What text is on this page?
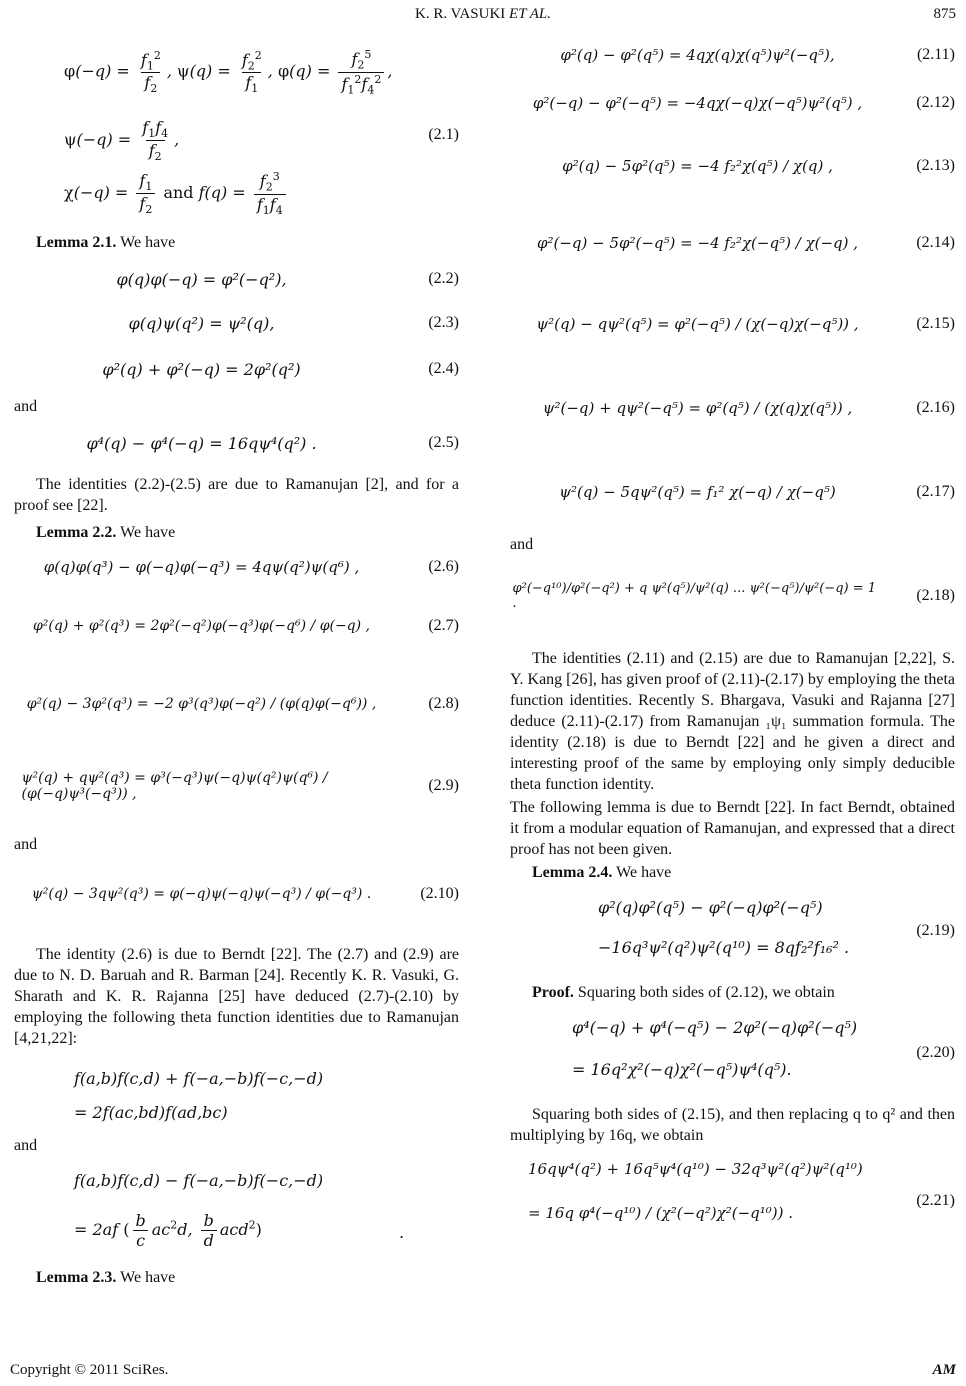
K. R. VASUKI ET AL.	875
$\varphi(-q) = \frac{f_1^2}{f_2}$ , $\psi(q) = \frac{f_2^2}{f_1}$ , $\varphi(q) = \frac{f_2^5}{f_1^2f_4^2}$ ,
$\psi(-q) = \frac{f_1f_4}{f_2}$ ,
$\chi(-q) = \frac{f_1}{f_2}$ and $f(q) = \frac{f_2^3}{f_1f_4}$
(2.1)
Lemma 2.1. We have
φ(q)φ(−q) = φ²(−q²),	(2.2)
φ(q)ψ(q²) = ψ²(q),	(2.3)
φ²(q) + φ²(−q) = 2φ²(q²)	(2.4)
and
φ⁴(q) − φ⁴(−q) = 16qψ⁴(q²) .	(2.5)
The identities (2.2)-(2.5) are due to Ramanujan [2], and for a proof see [22].
Lemma 2.2. We have
φ(q)φ(q³) − φ(−q)φ(−q³) = 4qψ(q²)ψ(q⁶) ,	(2.6)
φ²(q) + φ²(q³) = 2φ²(−q²)φ(−q³)φ(−q⁶) / φ(−q) ,	(2.7)
φ²(q) − 3φ²(q³) = −2 φ³(q³)φ(−q²) / (φ(q)φ(−q⁶)) ,	(2.8)
ψ²(q) + qψ²(q³) = φ³(−q³)ψ(−q)ψ(q²)ψ(q⁶) / (φ(−q)ψ³(−q³)) ,	(2.9)
and
ψ²(q) − 3qψ²(q³) = φ(−q)ψ(−q)ψ(−q³) / φ(−q³) .	(2.10)
The identity (2.6) is due to Berndt [22]. The (2.7) and (2.9) are due to N. D. Baruah and R. Barman [24]. Recently K. R. Vasuki, G. Sharath and K. R. Rajanna [25] have deduced (2.7)-(2.10) by employing the following theta function identities due to Ramanujan [4,21,22]:
f(a,b)f(c,d) + f(−a,−b)f(−c,−d)
= 2f(ac,bd)f(ad,bc)
and
f(a,b)f(c,d) − f(−a,−b)f(−c,−d)
= 2af ( $\frac{b}{c} ac^2d$, $\frac{b}{d} acd^2$)	.
Lemma 2.3. We have
φ²(q) − φ²(q⁵) = 4qχ(q)χ(q⁵)ψ²(−q⁵),	(2.11)
φ²(−q) − φ²(−q⁵) = −4qχ(−q)χ(−q⁵)ψ²(q⁵) ,	(2.12)
φ²(q) − 5φ²(q⁵) = −4 f₂²χ(q⁵) / χ(q) ,	(2.13)
φ²(−q) − 5φ²(−q⁵) = −4 f₂²χ(−q⁵) / χ(−q) ,	(2.14)
ψ²(q) − qψ²(q⁵) = φ²(−q⁵) / (χ(−q)χ(−q⁵)) ,	(2.15)
ψ²(−q) + qψ²(−q⁵) = φ²(q⁵) / (χ(q)χ(q⁵)) ,	(2.16)
ψ²(q) − 5qψ²(q⁵) = f₁² χ(−q) / χ(−q⁵)	(2.17)
and
φ²(−q¹⁰)/φ²(−q²) + q ψ²(q⁵)/ψ²(q) ... ψ²(−q⁵)/ψ²(−q) = 1 .	(2.18)
The identities (2.11) and (2.15) are due to Ramanujan [2,22], S. Y. Kang [26], has given proof of (2.11)-(2.17) by employing the theta function identities. Recently S. Bhargava, Vasuki and Rajanna [27] deduce (2.11)-(2.17) from Ramanujan ₁ψ₁ summation formula. The identity (2.18) is due to Berndt [22] and he given a direct and interesting proof of the same by employing only simply deducible theta function identity.
The following lemma is due to Berndt [22]. In fact Berndt, obtained it from a modular equation of Ramanujan, and expressed that a direct proof has not been given.
Lemma 2.4. We have
φ²(q)φ²(q⁵) − φ²(−q)φ²(−q⁵)
−16q³ψ²(q²)ψ²(q¹⁰) = 8qf₂²f₁₆² .
(2.19)
Proof. Squaring both sides of (2.12), we obtain
φ⁴(−q) + φ⁴(−q⁵) − 2φ²(−q)φ²(−q⁵)
= 16q²χ²(−q)χ²(−q⁵)ψ⁴(q⁵).
(2.20)
Squaring both sides of (2.15), and then replacing q to q² and then multiplying by 16q, we obtain
16qψ⁴(q²) + 16q⁵ψ⁴(q¹⁰) − 32q³ψ²(q²)ψ²(q¹⁰)
= 16q φ⁴(−q¹⁰) / (χ²(−q²)χ²(−q¹⁰)) .
(2.21)
Copyright © 2011 SciRes.	AM
